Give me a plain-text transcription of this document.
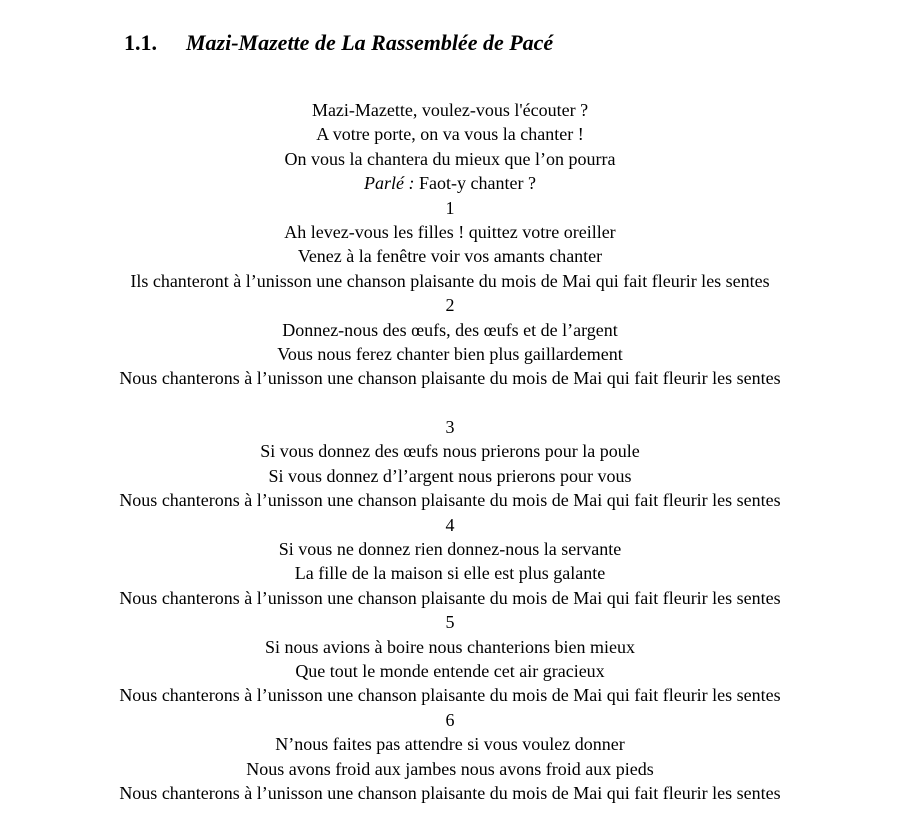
1.1. Mazi-Mazette de La Rassemblée de Pacé
Mazi-Mazette, voulez-vous l'écouter ?
A votre porte, on va vous la chanter !
On vous la chantera du mieux que l’on pourra
Parlé : Faot-y chanter ?
1
Ah levez-vous les filles ! quittez votre oreiller
Venez à la fenêtre voir vos amants chanter
Ils chanteront à l’unisson une chanson plaisante du mois de Mai qui fait fleurir les sentes
2
Donnez-nous des œufs, des œufs et de l’argent
Vous nous ferez chanter bien plus gaillardement
Nous chanterons à l’unisson une chanson plaisante du mois de Mai qui fait fleurir les sentes
3
Si vous donnez des œufs nous prierons pour la poule
Si vous donnez d’l’argent nous prierons pour vous
Nous chanterons à l’unisson une chanson plaisante du mois de Mai qui fait fleurir les sentes
4
Si vous ne donnez rien donnez-nous la servante
La fille de la maison si elle est plus galante
Nous chanterons à l’unisson une chanson plaisante du mois de Mai qui fait fleurir les sentes
5
Si nous avions à boire nous chanterions bien mieux
Que tout le monde entende cet air gracieux
Nous chanterons à l’unisson une chanson plaisante du mois de Mai qui fait fleurir les sentes
6
N’nous faites pas attendre si vous voulez donner
Nous avons froid aux jambes nous avons froid aux pieds
Nous chanterons à l’unisson une chanson plaisante du mois de Mai qui fait fleurir les sentes
